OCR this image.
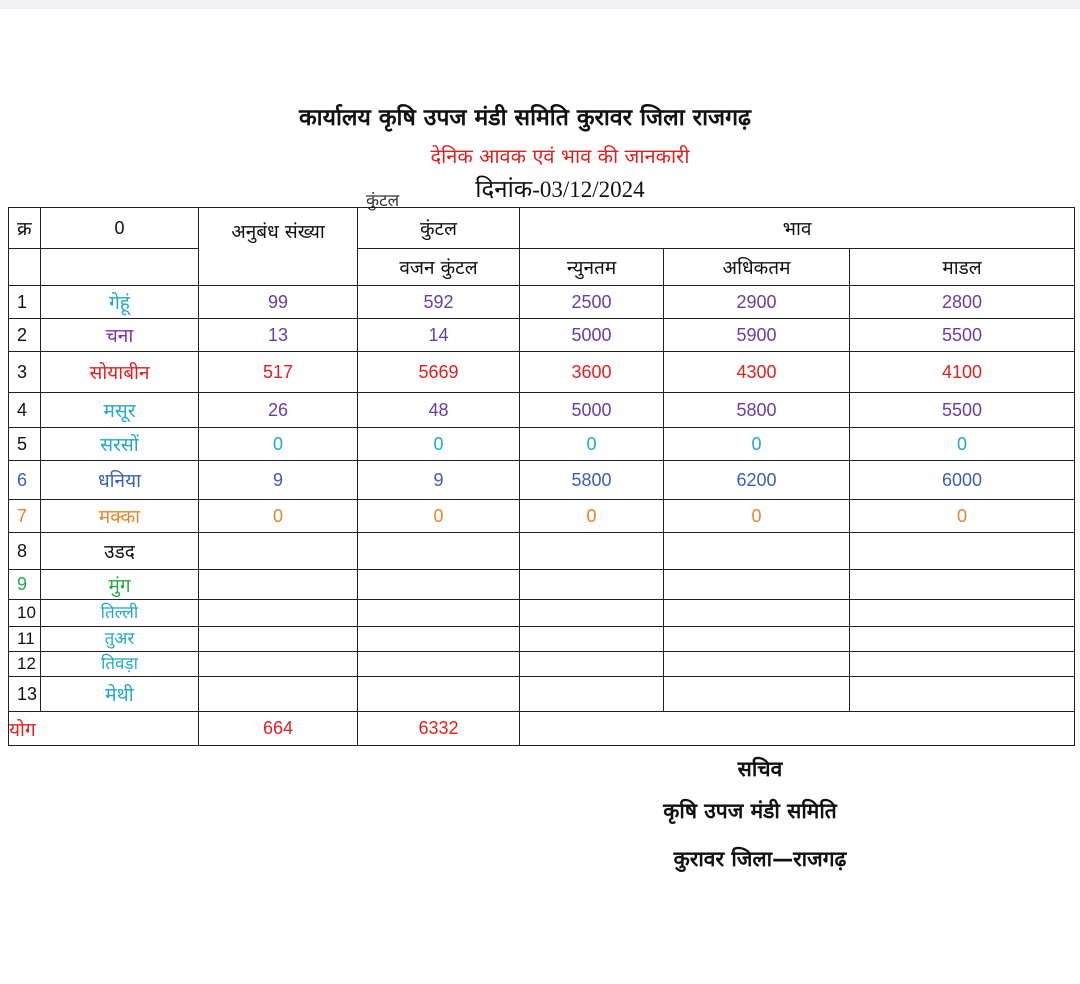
कार्यालय कृषि उपज मंडी समिति कुरावर जिला राजगढ़
देनिक आवक एवं भाव की जानकारी
दिनांक-03/12/2024
कुंटल
क्र	0	अनुबंध संख्या	कुंटल	भाव		
			वजन कुंटल	न्युनतम	अधिकतम	माडल
1	गेहूं	99	592	2500	2900	2800
2	चना	13	14	5000	5900	5500
3	सोयाबीन	517	5669	3600	4300	4100
4	मसूर	26	48	5000	5800	5500
5	सरसों	0	0	0	0	0
6	धनिया	9	9	5800	6200	6000
7	मक्का	0	0	0	0	0
8	उडद					
9	मुंग					
10	तिल्ली					
11	तुअर					
12	तिवड़ा					
13	मेथी					
योग		664	6332			
सचिव
कृषि उपज मंडी समिति
कुरावर जिला—राजगढ़
